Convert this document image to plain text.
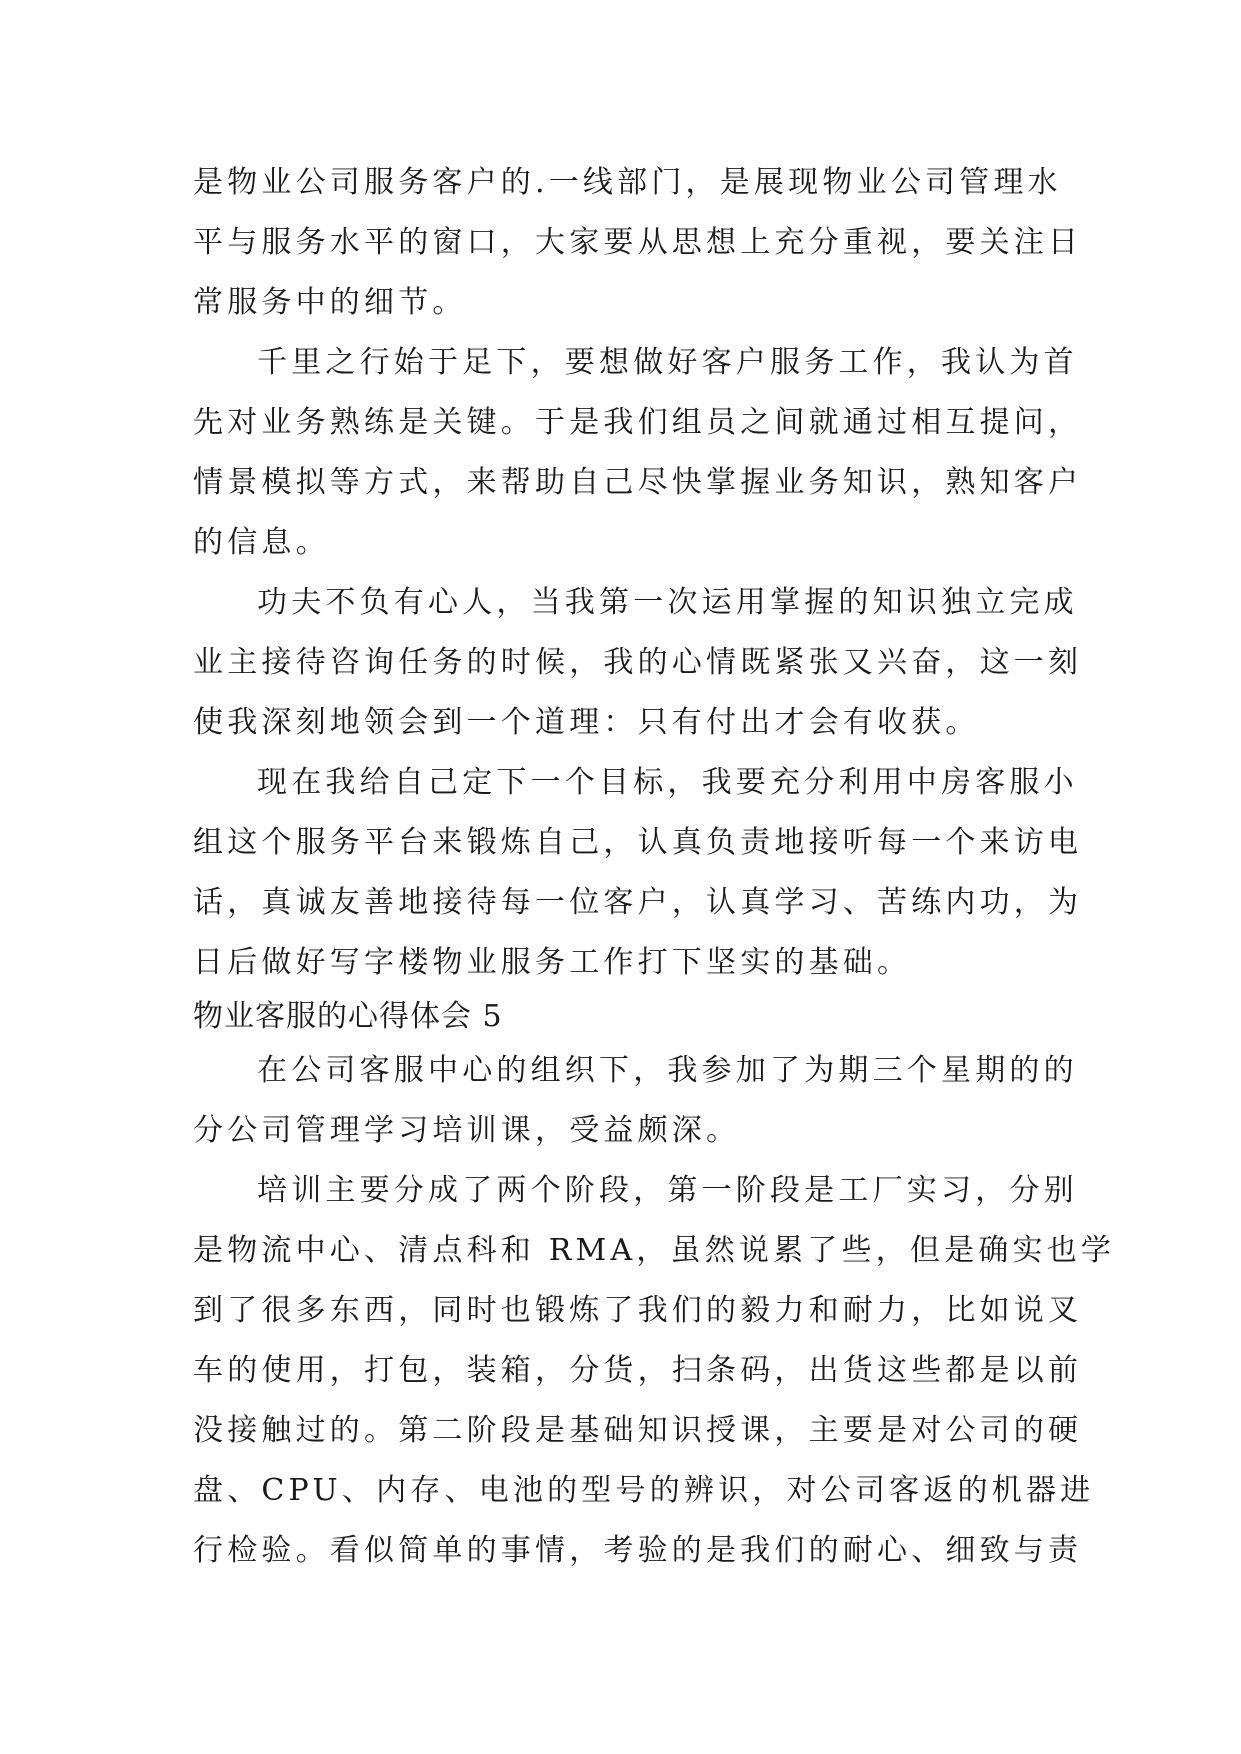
是物业公司服务客户的.一线部门，是展现物业公司管理水
平与服务水平的窗口，大家要从思想上充分重视，要关注日
常服务中的细节。
千里之行始于足下，要想做好客户服务工作，我认为首
先对业务熟练是关键。于是我们组员之间就通过相互提问，
情景模拟等方式，来帮助自己尽快掌握业务知识，熟知客户
的信息。
功夫不负有心人，当我第一次运用掌握的知识独立完成
业主接待咨询任务的时候，我的心情既紧张又兴奋，这一刻
使我深刻地领会到一个道理：只有付出才会有收获。
现在我给自己定下一个目标，我要充分利用中房客服小
组这个服务平台来锻炼自己，认真负责地接听每一个来访电
话，真诚友善地接待每一位客户，认真学习、苦练内功，为
日后做好写字楼物业服务工作打下坚实的基础。
物业客服的心得体会 5
在公司客服中心的组织下，我参加了为期三个星期的的
分公司管理学习培训课，受益颇深。
培训主要分成了两个阶段，第一阶段是工厂实习，分别
是物流中心、清点科和 RMA，虽然说累了些，但是确实也学
到了很多东西，同时也锻炼了我们的毅力和耐力，比如说叉
车的使用，打包，装箱，分货，扫条码，出货这些都是以前
没接触过的。第二阶段是基础知识授课，主要是对公司的硬
盘、CPU、内存、电池的型号的辨识，对公司客返的机器进
行检验。看似简单的事情，考验的是我们的耐心、细致与责
